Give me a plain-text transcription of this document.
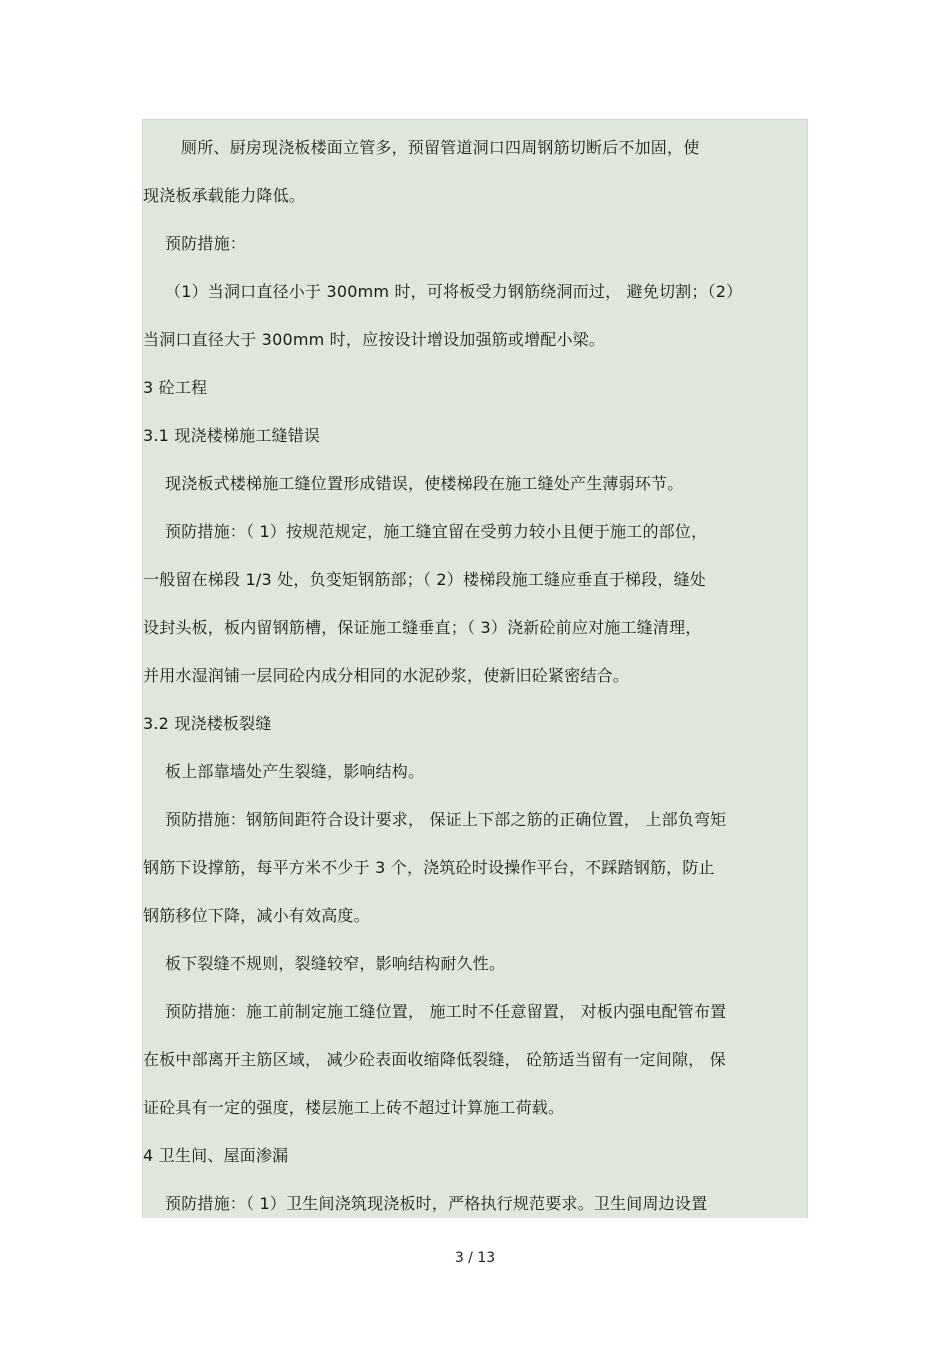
厕所、厨房现浇板楼面立管多，预留管道洞口四周钢筋切断后不加固，使
现浇板承载能力降低。
预防措施：
（1）当洞口直径小于 300mm 时，可将板受力钢筋绕洞而过， 避免切割；（2）
当洞口直径大于 300mm 时，应按设计增设加强筋或增配小梁。
3 砼工程
3.1 现浇楼梯施工缝错误
现浇板式楼梯施工缝位置形成错误，使楼梯段在施工缝处产生薄弱环节。
预防措施：（ 1）按规范规定，施工缝宜留在受剪力较小且便于施工的部位，
一般留在梯段 1/3 处，负变矩钢筋部；（ 2）楼梯段施工缝应垂直于梯段，缝处
设封头板，板内留钢筋槽，保证施工缝垂直；（ 3）浇新砼前应对施工缝清理，
并用水湿润铺一层同砼内成分相同的水泥砂浆，使新旧砼紧密结合。
3.2 现浇楼板裂缝
板上部靠墙处产生裂缝，影响结构。
预防措施：钢筋间距符合设计要求， 保证上下部之筋的正确位置， 上部负弯矩
钢筋下设撑筋，每平方米不少于 3 个，浇筑砼时设操作平台，不踩踏钢筋，防止
钢筋移位下降，减小有效高度。
板下裂缝不规则，裂缝较窄，影响结构耐久性。
预防措施：施工前制定施工缝位置， 施工时不任意留置， 对板内强电配管布置
在板中部离开主筋区域， 减少砼表面收缩降低裂缝， 砼筋适当留有一定间隙， 保
证砼具有一定的强度，楼层施工上砖不超过计算施工荷载。
4 卫生间、屋面渗漏
预防措施：（ 1）卫生间浇筑现浇板时，严格执行规范要求。卫生间周边设置
3 / 13
